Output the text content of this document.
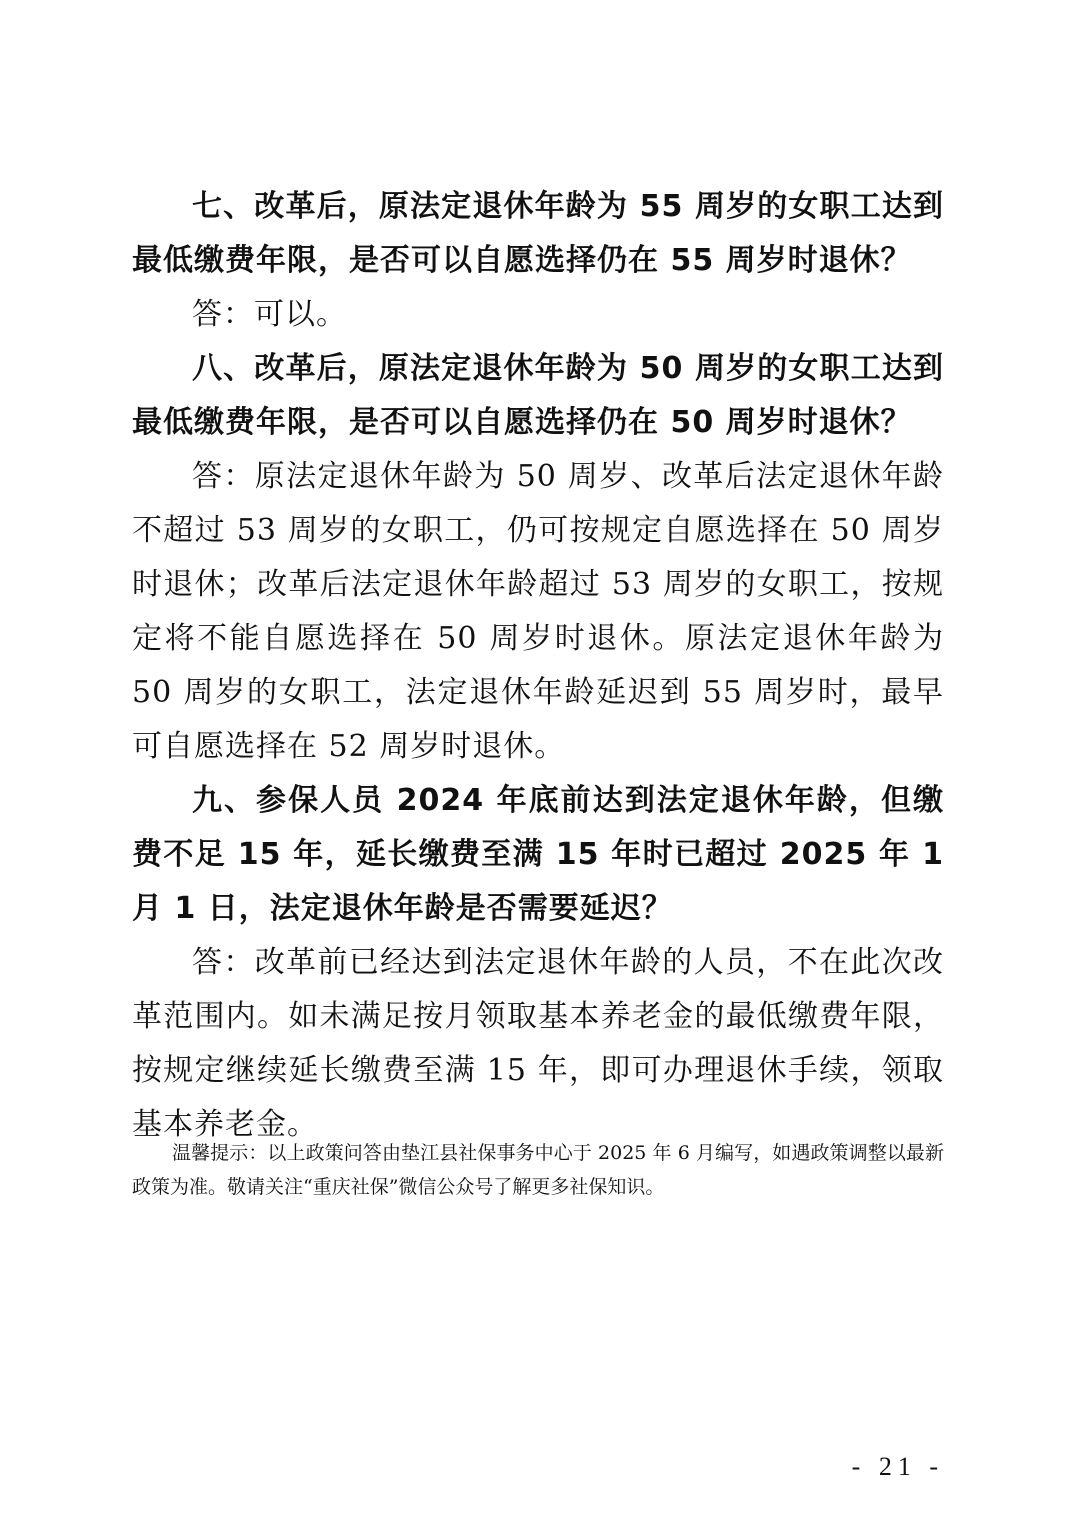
七、改革后，原法定退休年龄为 55 周岁的女职工达到最低缴费年限，是否可以自愿选择仍在 55 周岁时退休？

答：可以。

八、改革后，原法定退休年龄为 50 周岁的女职工达到最低缴费年限，是否可以自愿选择仍在 50 周岁时退休？

答：原法定退休年龄为 50 周岁、改革后法定退休年龄不超过 53 周岁的女职工，仍可按规定自愿选择在 50 周岁时退休；改革后法定退休年龄超过 53 周岁的女职工，按规定将不能自愿选择在 50 周岁时退休。原法定退休年龄为 50 周岁的女职工，法定退休年龄延迟到 55 周岁时，最早可自愿选择在 52 周岁时退休。

九、参保人员 2024 年底前达到法定退休年龄，但缴费不足 15 年，延长缴费至满 15 年时已超过 2025 年 1 月 1 日，法定退休年龄是否需要延迟？

答：改革前已经达到法定退休年龄的人员，不在此次改革范围内。如未满足按月领取基本养老金的最低缴费年限，按规定继续延长缴费至满 15 年，即可办理退休手续，领取基本养老金。

温馨提示：以上政策问答由垫江县社保事务中心于 2025 年 6 月编写，如遇政策调整以最新政策为准。敬请关注“重庆社保”微信公众号了解更多社保知识。

- 21 -
